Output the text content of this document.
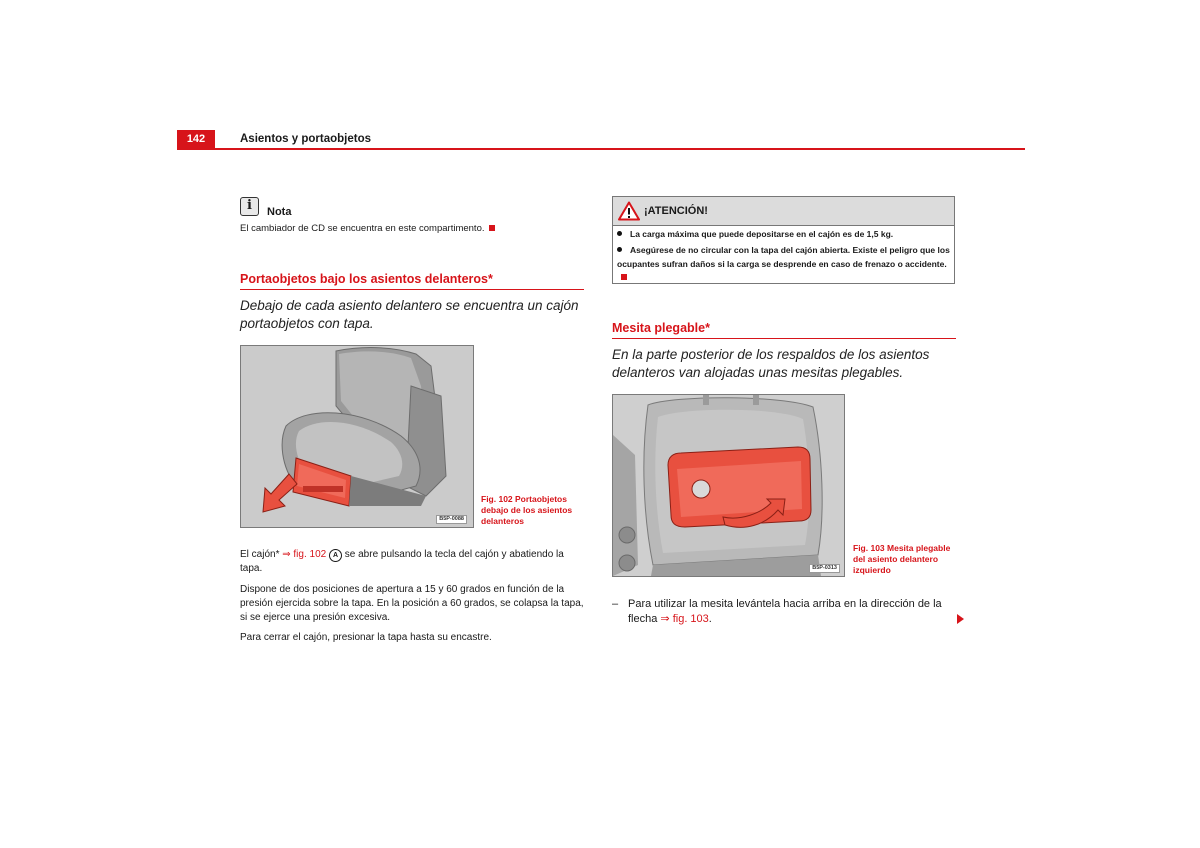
142	Asientos y portaobjetos
i	Nota
El cambiador de CD se encuentra en este compartimento.
Portaobjetos bajo los asientos delanteros*
Debajo de cada asiento delantero se encuentra un cajón portaobjetos con tapa.
B5P-0088
Fig. 102 Portaobjetos debajo de los asientos delanteros
El cajón* ⇒ fig. 102 A se abre pulsando la tecla del cajón y abatiendo la tapa.
Dispone de dos posiciones de apertura a 15 y 60 grados en función de la presión ejercida sobre la tapa. En la posición a 60 grados, se colapsa la tapa, si se ejerce una presión excesiva.
Para cerrar el cajón, presionar la tapa hasta su encastre.
¡ATENCIÓN!
La carga máxima que puede depositarse en el cajón es de 1,5 kg.
Asegúrese de no circular con la tapa del cajón abierta. Existe el peligro que los ocupantes sufran daños si la carga se desprende en caso de frenazo o accidente.
Mesita plegable*
En la parte posterior de los respaldos de los asientos delanteros van alojadas unas mesitas plegables.
B5P-0313
Fig. 103 Mesita plegable del asiento delantero izquierdo
– Para utilizar la mesita levántela hacia arriba en la dirección de la flecha ⇒ fig. 103.
